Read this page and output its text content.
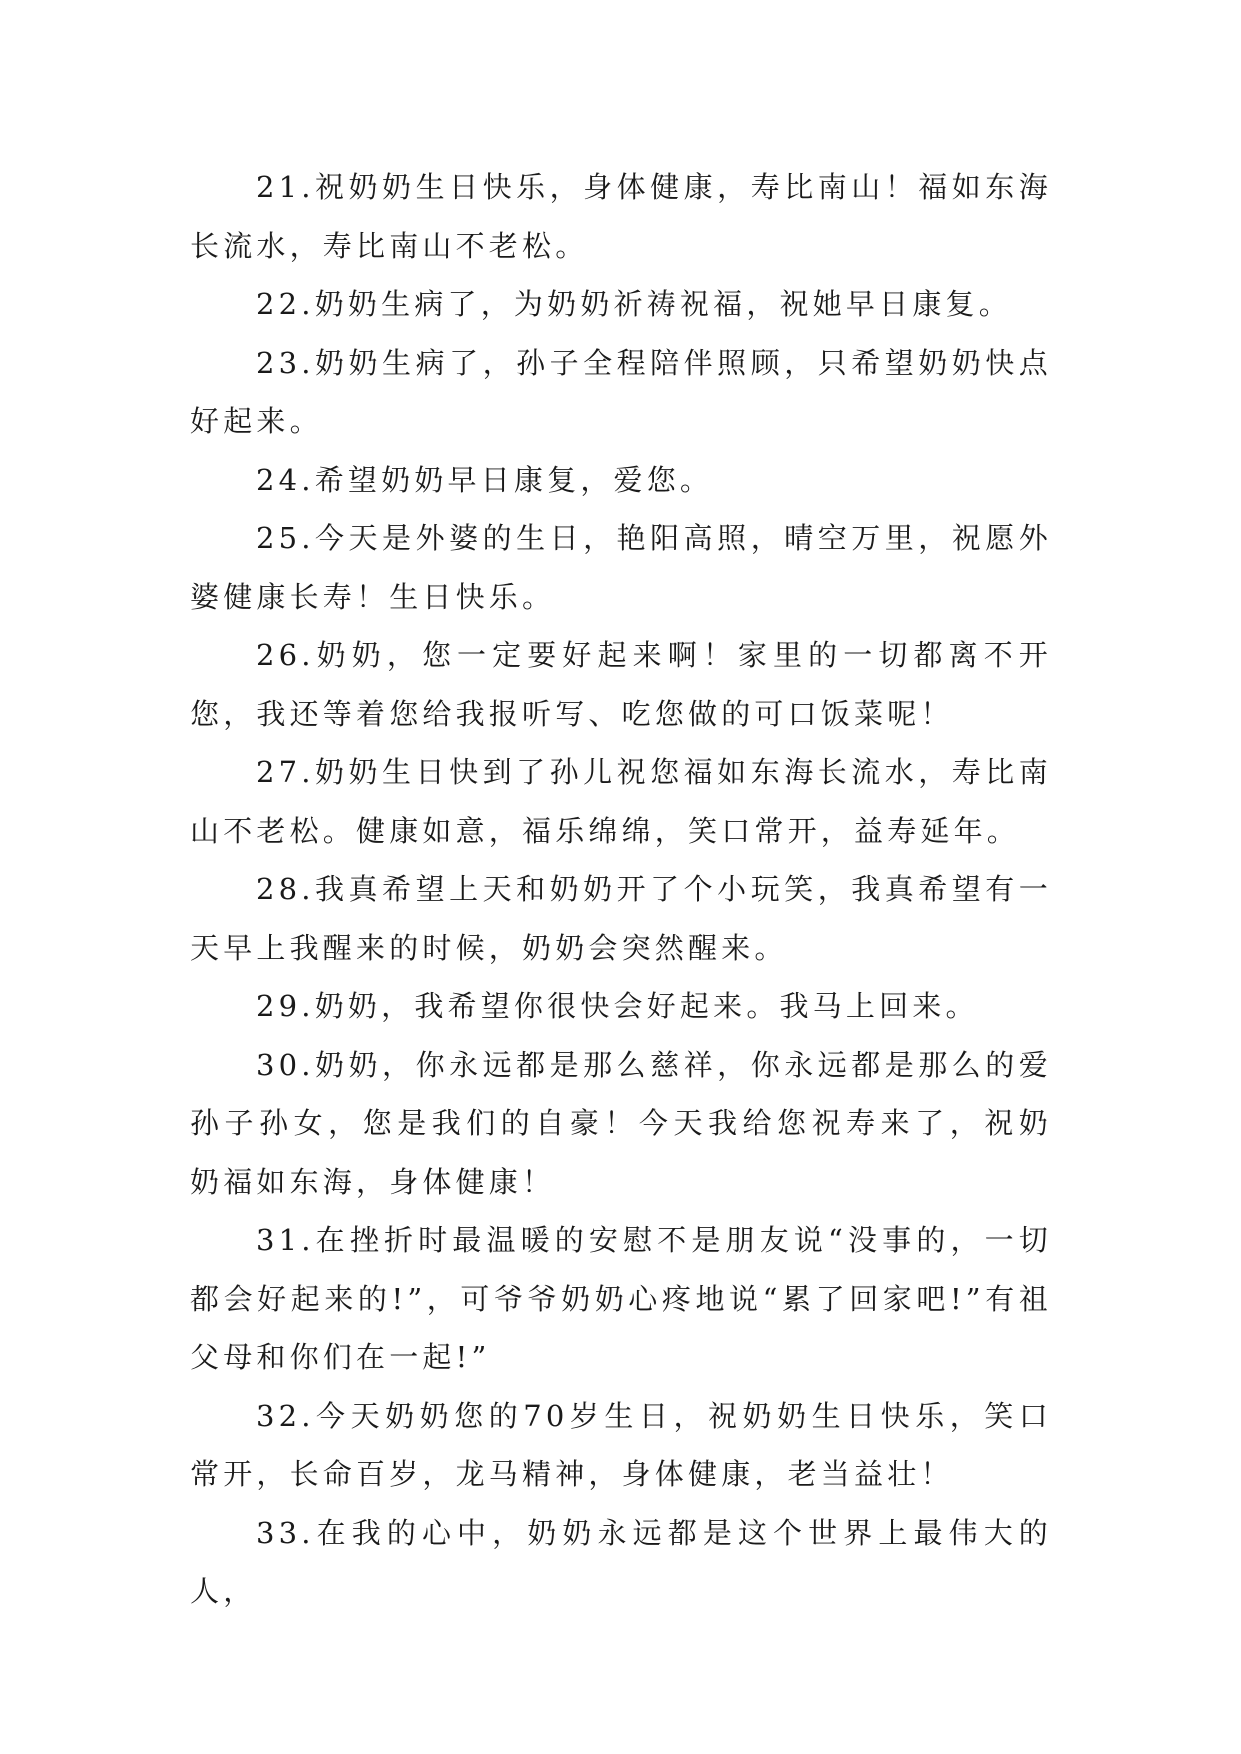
21.祝奶奶生日快乐，身体健康，寿比南山！福如东海长流水，寿比南山不老松。

22.奶奶生病了，为奶奶祈祷祝福，祝她早日康复。

23.奶奶生病了，孙子全程陪伴照顾，只希望奶奶快点好起来。

24.希望奶奶早日康复，爱您。

25.今天是外婆的生日，艳阳高照，晴空万里，祝愿外婆健康长寿！生日快乐。

26.奶奶，您一定要好起来啊！家里的一切都离不开您，我还等着您给我报听写、吃您做的可口饭菜呢！

27.奶奶生日快到了孙儿祝您福如东海长流水，寿比南山不老松。健康如意，福乐绵绵，笑口常开，益寿延年。

28.我真希望上天和奶奶开了个小玩笑，我真希望有一天早上我醒来的时候，奶奶会突然醒来。

29.奶奶，我希望你很快会好起来。我马上回来。

30.奶奶，你永远都是那么慈祥，你永远都是那么的爱孙子孙女，您是我们的自豪！今天我给您祝寿来了，祝奶奶福如东海，身体健康！

31.在挫折时最温暖的安慰不是朋友说“没事的，一切都会好起来的!”，可爷爷奶奶心疼地说“累了回家吧!”有祖父母和你们在一起!”

32.今天奶奶您的70岁生日，祝奶奶生日快乐，笑口常开，长命百岁，龙马精神，身体健康，老当益壮！

33.在我的心中，奶奶永远都是这个世界上最伟大的人，
